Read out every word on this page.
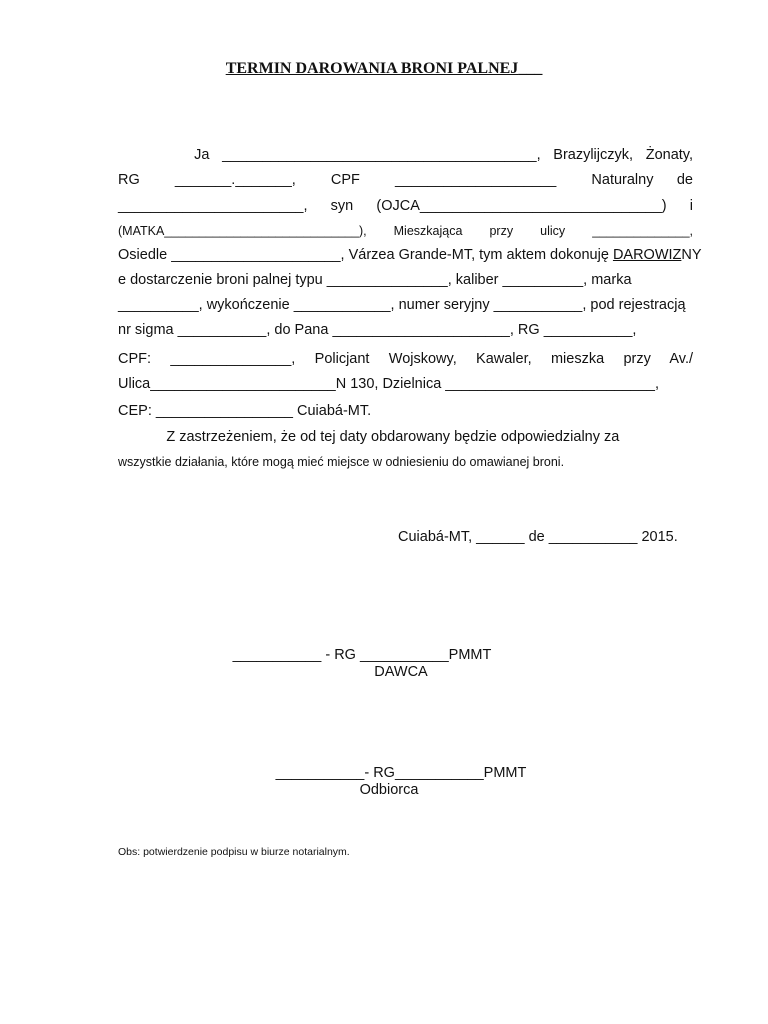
TERMIN DAROWANIA BRONI PALNEJ___
Ja  _______________________________________,  Brazylijczyk,  Żonaty,
RG   _______._______,   CPF   ____________________   Naturalny  de
_______________________,  syn  (OJCA______________________________)  i
(MATKA____________________________),  Mieszkająca  przy  ulicy  ______________,
Osiedle _____________________, Várzea Grande-MT, tym aktem dokonuję DAROWIZNY
e dostarczenie broni palnej typu _______________, kaliber __________, marka
__________, wykończenie ____________, numer seryjny ___________, pod rejestracją
nr sigma ___________, do Pana ______________________, RG ___________,
CPF:  _______________,  Policjant  Wojskowy,  Kawaler,  mieszka  przy  Av./
Ulica_______________________N 130, Dzielnica __________________________,
CEP: _________________ Cuiabá-MT.
Z zastrzeżeniem, że od tej daty obdarowany będzie odpowiedzialny za
wszystkie działania, które mogą mieć miejsce w odniesieniu do omawianej broni.
Cuiabá-MT, ______ de ___________ 2015.
___________ - RG ___________PMMT
DAWCA
___________- RG___________PMMT
Odbiorca
Obs: potwierdzenie podpisu w biurze notarialnym.
